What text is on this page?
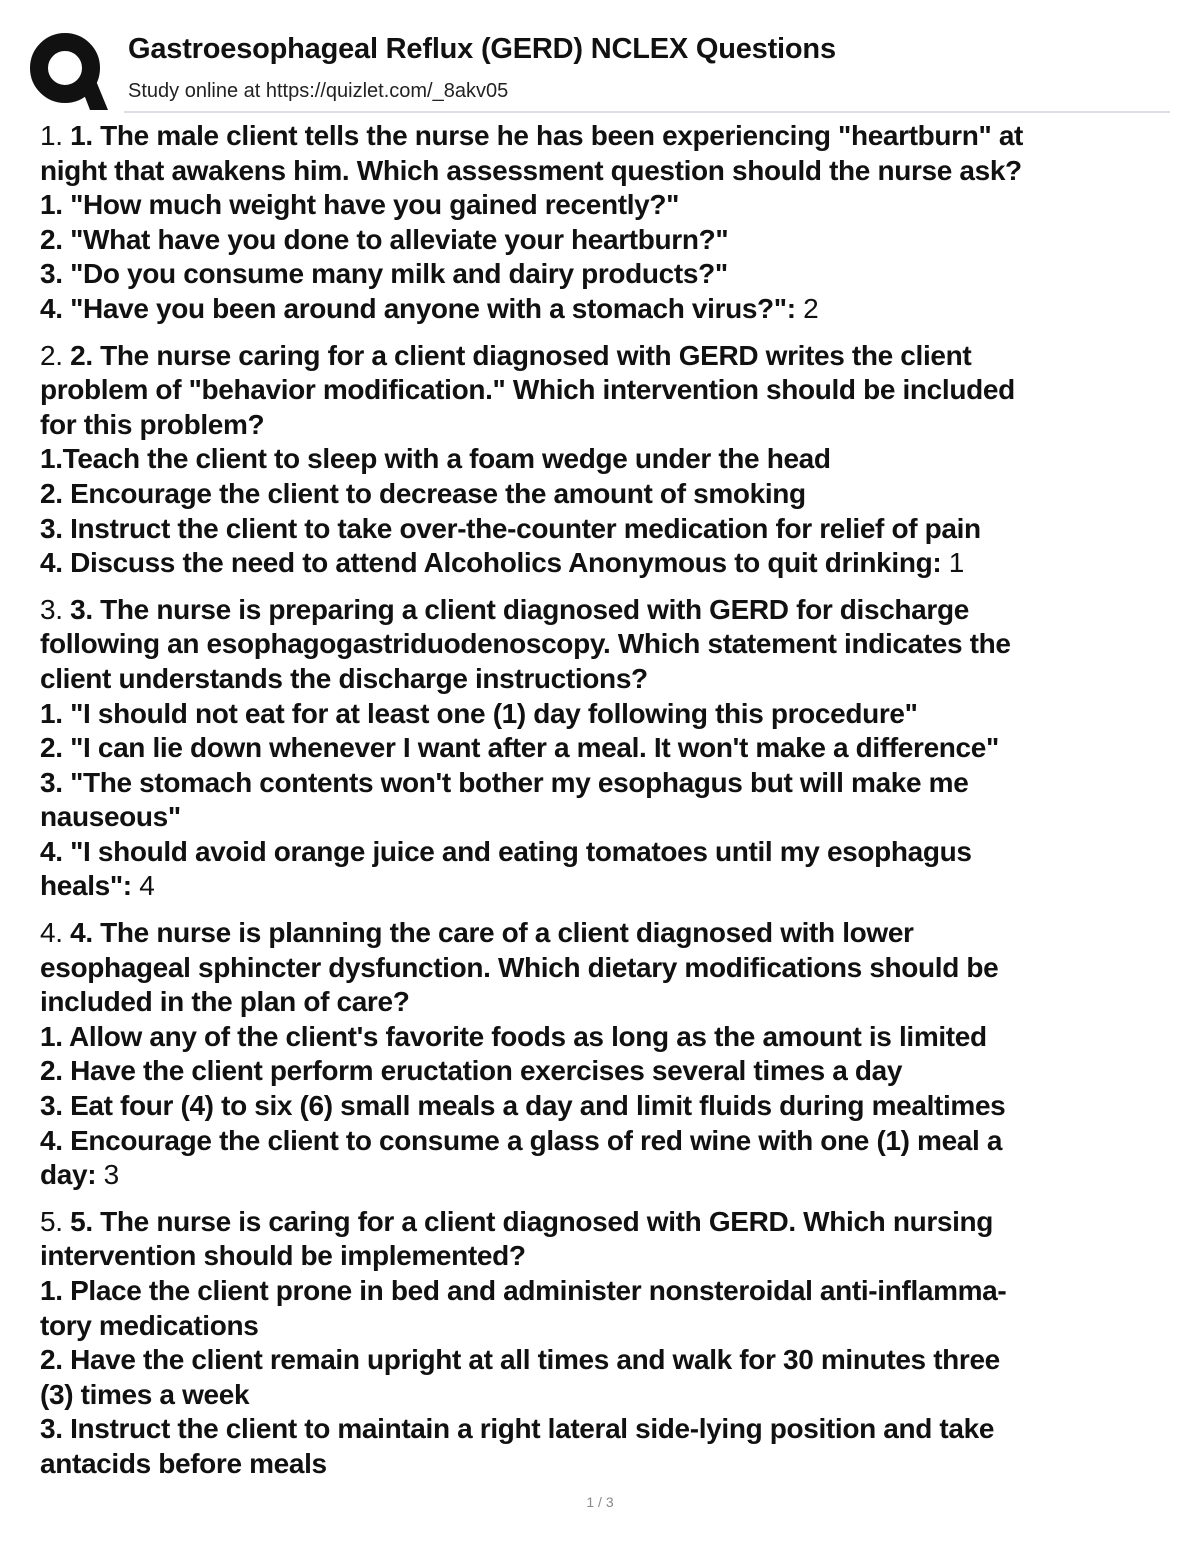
Gastroesophageal Reflux (GERD) NCLEX Questions
Study online at https://quizlet.com/_8akv05
1. 1. The male client tells the nurse he has been experiencing "heartburn" at
night that awakens him. Which assessment question should the nurse ask?
1. "How much weight have you gained recently?"
2. "What have you done to alleviate your heartburn?"
3. "Do you consume many milk and dairy products?"
4. "Have you been around anyone with a stomach virus?": 2
2. 2. The nurse caring for a client diagnosed with GERD writes the client
problem of "behavior modification." Which intervention should be included
for this problem?
1.Teach the client to sleep with a foam wedge under the head
2. Encourage the client to decrease the amount of smoking
3. Instruct the client to take over-the-counter medication for relief of pain
4. Discuss the need to attend Alcoholics Anonymous to quit drinking: 1
3. 3. The nurse is preparing a client diagnosed with GERD for discharge
following an esophagogastriduodenoscopy. Which statement indicates the
client understands the discharge instructions?
1. "I should not eat for at least one (1) day following this procedure"
2. "I can lie down whenever I want after a meal. It won't make a difference"
3. "The stomach contents won't bother my esophagus but will make me
nauseous"
4. "I should avoid orange juice and eating tomatoes until my esophagus
heals": 4
4. 4. The nurse is planning the care of a client diagnosed with lower
esophageal sphincter dysfunction. Which dietary modifications should be
included in the plan of care?
1. Allow any of the client's favorite foods as long as the amount is limited
2. Have the client perform eructation exercises several times a day
3. Eat four (4) to six (6) small meals a day and limit fluids during mealtimes
4. Encourage the client to consume a glass of red wine with one (1) meal a
day: 3
5. 5. The nurse is caring for a client diagnosed with GERD. Which nursing
intervention should be implemented?
1. Place the client prone in bed and administer nonsteroidal anti-inflamma-
tory medications
2. Have the client remain upright at all times and walk for 30 minutes three
(3) times a week
3. Instruct the client to maintain a right lateral side-lying position and take
antacids before meals
1 / 3
